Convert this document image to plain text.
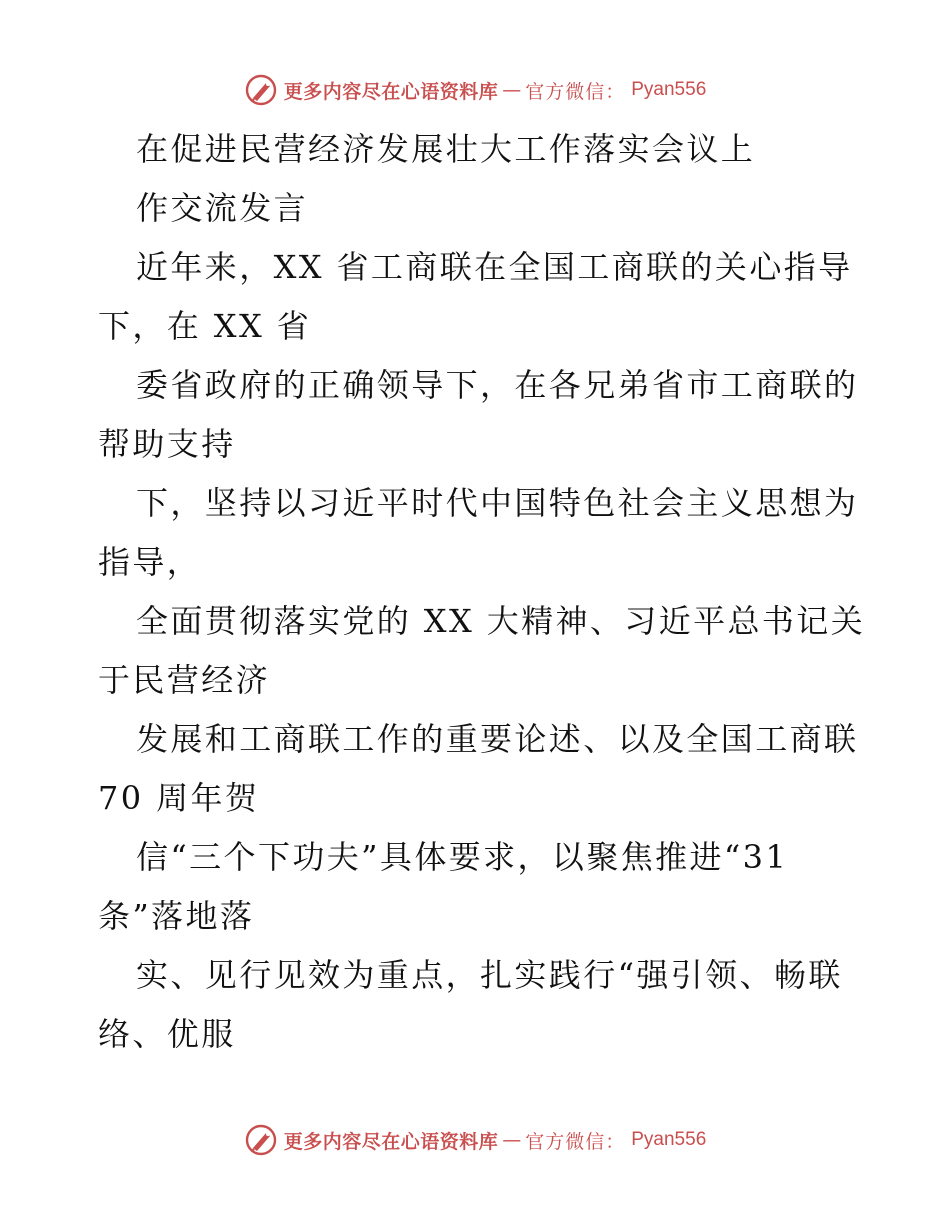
更多内容尽在心语资料库 — 官方微信： Pyan556
在促进民营经济发展壮大工作落实会议上
作交流发言
近年来，XX 省工商联在全国工商联的关心指导
下，在 XX 省
委省政府的正确领导下，在各兄弟省市工商联的
帮助支持
下，坚持以习近平时代中国特色社会主义思想为
指导，
全面贯彻落实党的 XX 大精神、习近平总书记关
于民营经济
发展和工商联工作的重要论述、以及全国工商联
70 周年贺
信“三个下功夫”具体要求，以聚焦推进“31
条”落地落
实、见行见效为重点，扎实践行“强引领、畅联
络、优服
更多内容尽在心语资料库 — 官方微信： Pyan556
